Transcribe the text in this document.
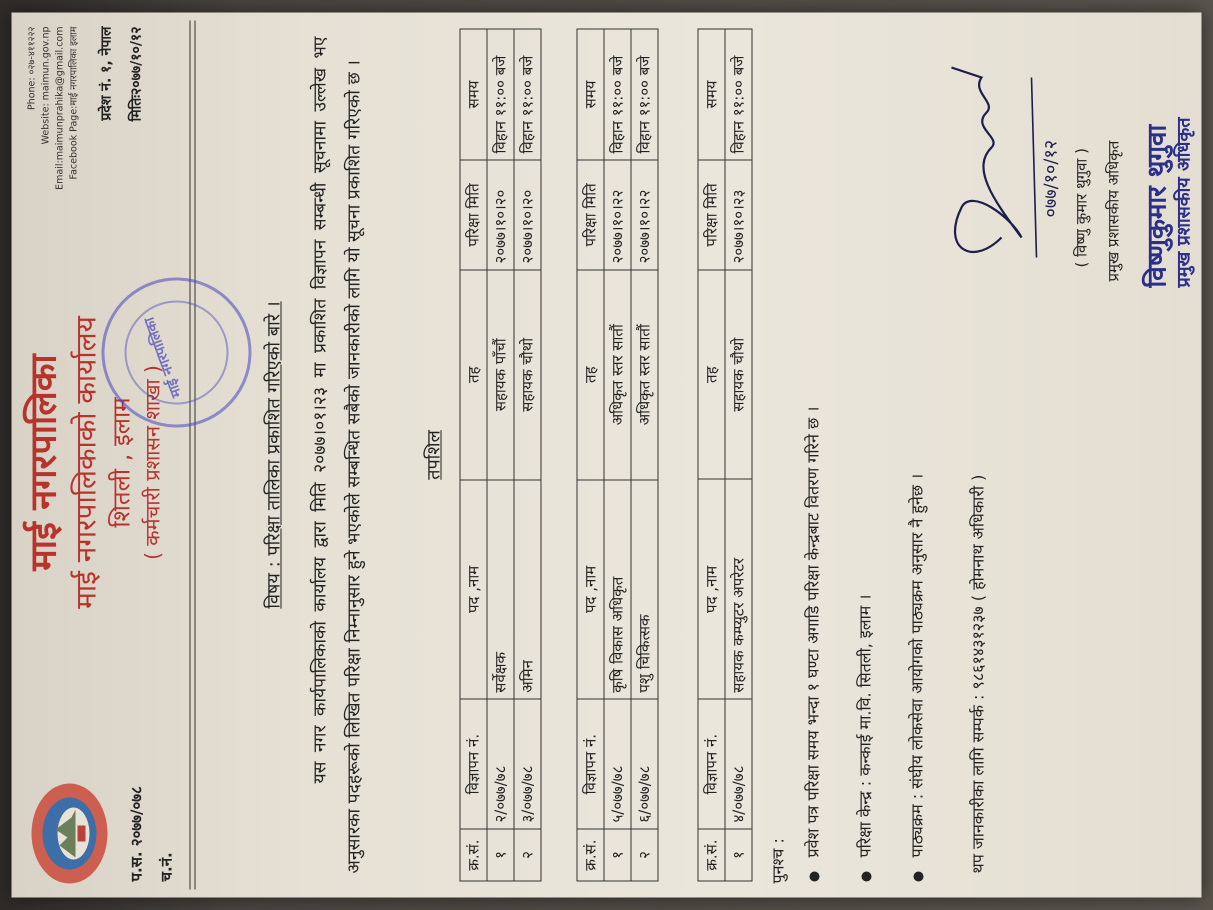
प.स. २०७७/०७८ च.नं.
माई नगरपालिका माई नगरपालिकाको कार्यालय शितली , इलाम ( कर्मचारी प्रशासन शाखा )
Phone: ०२७-४११२२२ Website: maimun.gov.np Email:maimunprahika@gmail.com Facebook Page:माई नगरपालिका इलाम	प्रदेश नं. १, नेपाल	मितिः२०७७/१०/१२
माई नगरपालिका	विषय : परिक्षा तालिका प्रकाशित गरिएको बारे ।	यस नगर कार्यपालिकाको कार्यालय द्वारा मिति २०७७।०१।२३ मा प्रकाशित विज्ञापन सम्बन्धी सूचनामा उल्लेख भए अनुसारका पदहरूको लिखित परिक्षा निम्नानुसार हुने भएकोले सम्बन्धित सबैको जानकारीको लागि यो सूचना प्रकाशित गरिएको छ ।	तपशिल
क्र.सं.	विज्ञापन नं.	पद ,नाम	तह	परिक्षा मिति	समय
१	२/०७७/७८	सर्वेक्षक	सहायक पाँचौं	२०७७।१०।२०	विहान ११:०० बजे
२	३/०७७/७८	अमिन	सहायक चौथो	२०७७।१०।२०	विहान ११:०० बजे
क्र.सं.	विज्ञापन नं.	पद ,नाम	तह	परिक्षा मिति	समय
१	५/०७७/७८	कृषि विकास अधिकृत	अधिकृत स्तर सातौं	२०७७।१०।२२	विहान ११:०० बजे
२	६/०७७/७८	पशु चिकित्सक	अधिकृत स्तर सातौं	२०७७।१०।२२	विहान ११:०० बजे
क्र.सं.	विज्ञापन नं.	पद ,नाम	तह	परिक्षा मिति	समय
१	४/०७७/७८	सहायक कम्प्युटर अपरेटर	सहायक चौथो	२०७७।१०।२३	विहान ११:०० बजे
पुनश्च :
प्रवेश पत्र परिक्षा समय भन्दा १ घण्टा अगाडि परिक्षा केन्द्रबाट वितरण गरिने छ । परिक्षा केन्द्र : कन्काई मा.वि. सितली, इलाम । पाठ्यक्रम : संघीय लोकसेवा आयोगको पाठ्यक्रम अनुसार नै हुनेछ ।	थप जानकारीका लागि सम्पर्क : ९८६१४३१२३७ ( होमनाथ अधिकारी )
०७७/१०/१२ ( विष्णु कुमार थुगुवा ) प्रमुख प्रशासकीय अधिकृत विष्णुकुमार थुगुवा प्रमुख प्रशासकीय अधिकृत
